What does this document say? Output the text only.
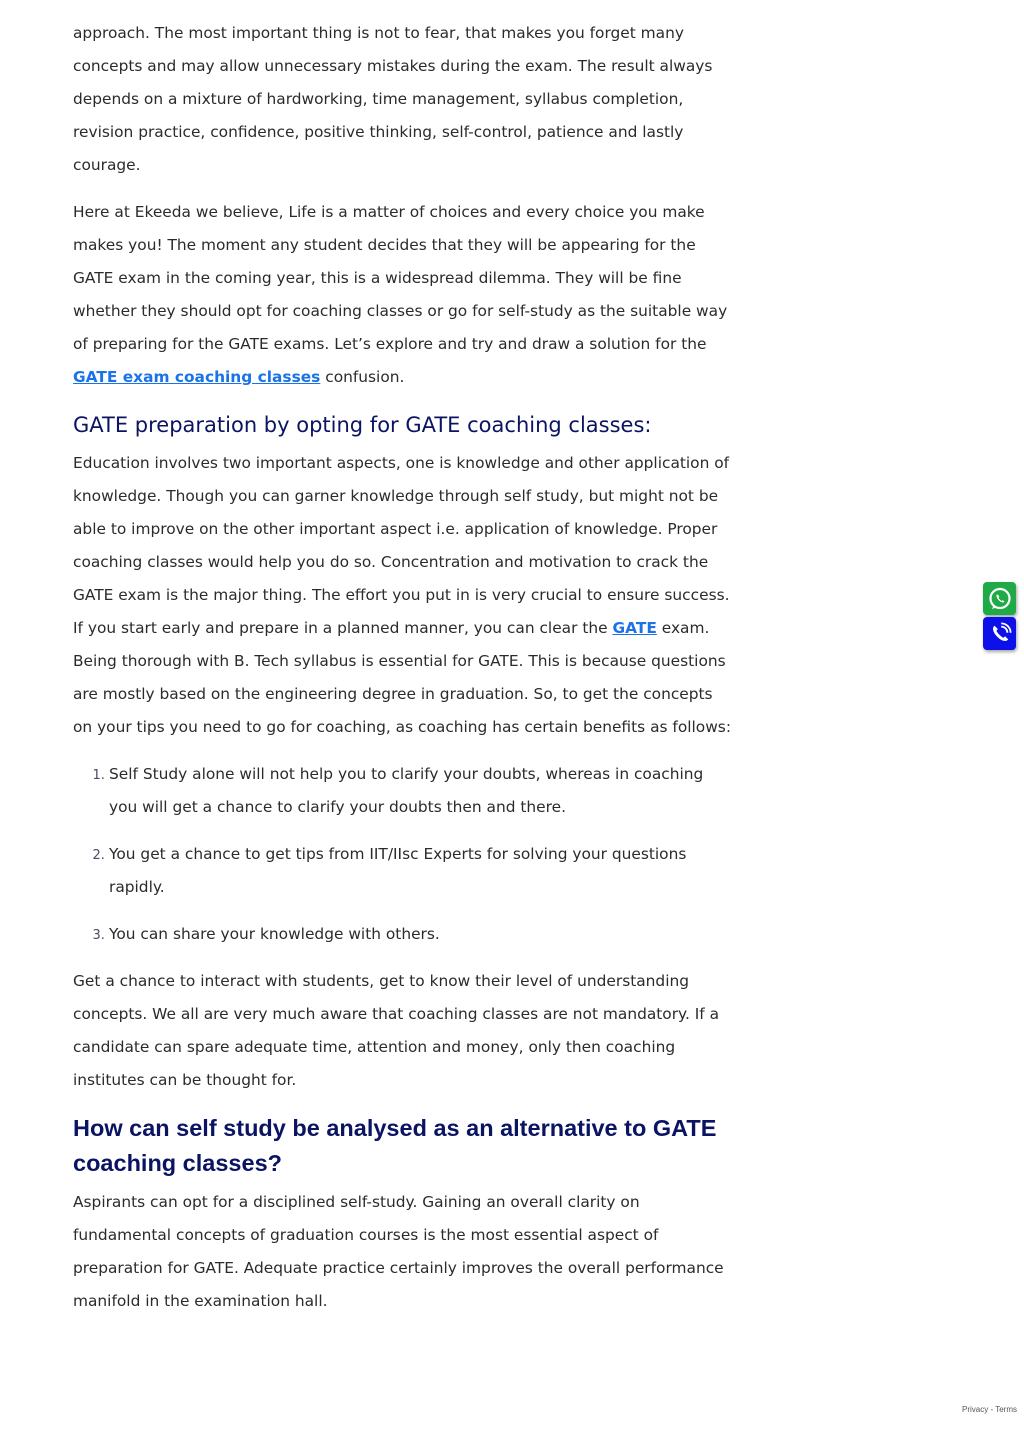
approach. The most important thing is not to fear, that makes you forget many concepts and may allow unnecessary mistakes during the exam. The result always depends on a mixture of hardworking, time management, syllabus completion, revision practice, confidence, positive thinking, self-control, patience and lastly courage.

Here at Ekeeda we believe, Life is a matter of choices and every choice you make makes you! The moment any student decides that they will be appearing for the GATE exam in the coming year, this is a widespread dilemma. They will be fine whether they should opt for coaching classes or go for self-study as the suitable way of preparing for the GATE exams. Let’s explore and try and draw a solution for the GATE exam coaching classes confusion.

GATE preparation by opting for GATE coaching classes:

Education involves two important aspects, one is knowledge and other application of knowledge. Though you can garner knowledge through self study, but might not be able to improve on the other important aspect i.e. application of knowledge. Proper coaching classes would help you do so. Concentration and motivation to crack the GATE exam is the major thing. The effort you put in is very crucial to ensure success. If you start early and prepare in a planned manner, you can clear the GATE exam. Being thorough with B. Tech syllabus is essential for GATE. This is because questions are mostly based on the engineering degree in graduation. So, to get the concepts on your tips you need to go for coaching, as coaching has certain benefits as follows:

1. Self Study alone will not help you to clarify your doubts, whereas in coaching you will get a chance to clarify your doubts then and there.
2. You get a chance to get tips from IIT/IIsc Experts for solving your questions rapidly.
3. You can share your knowledge with others.

Get a chance to interact with students, get to know their level of understanding concepts. We all are very much aware that coaching classes are not mandatory. If a candidate can spare adequate time, attention and money, only then coaching institutes can be thought for.

How can self study be analysed as an alternative to GATE coaching classes?

Aspirants can opt for a disciplined self-study. Gaining an overall clarity on fundamental concepts of graduation courses is the most essential aspect of preparation for GATE. Adequate practice certainly improves the overall performance manifold in the examination hall.

Privacy - Terms
